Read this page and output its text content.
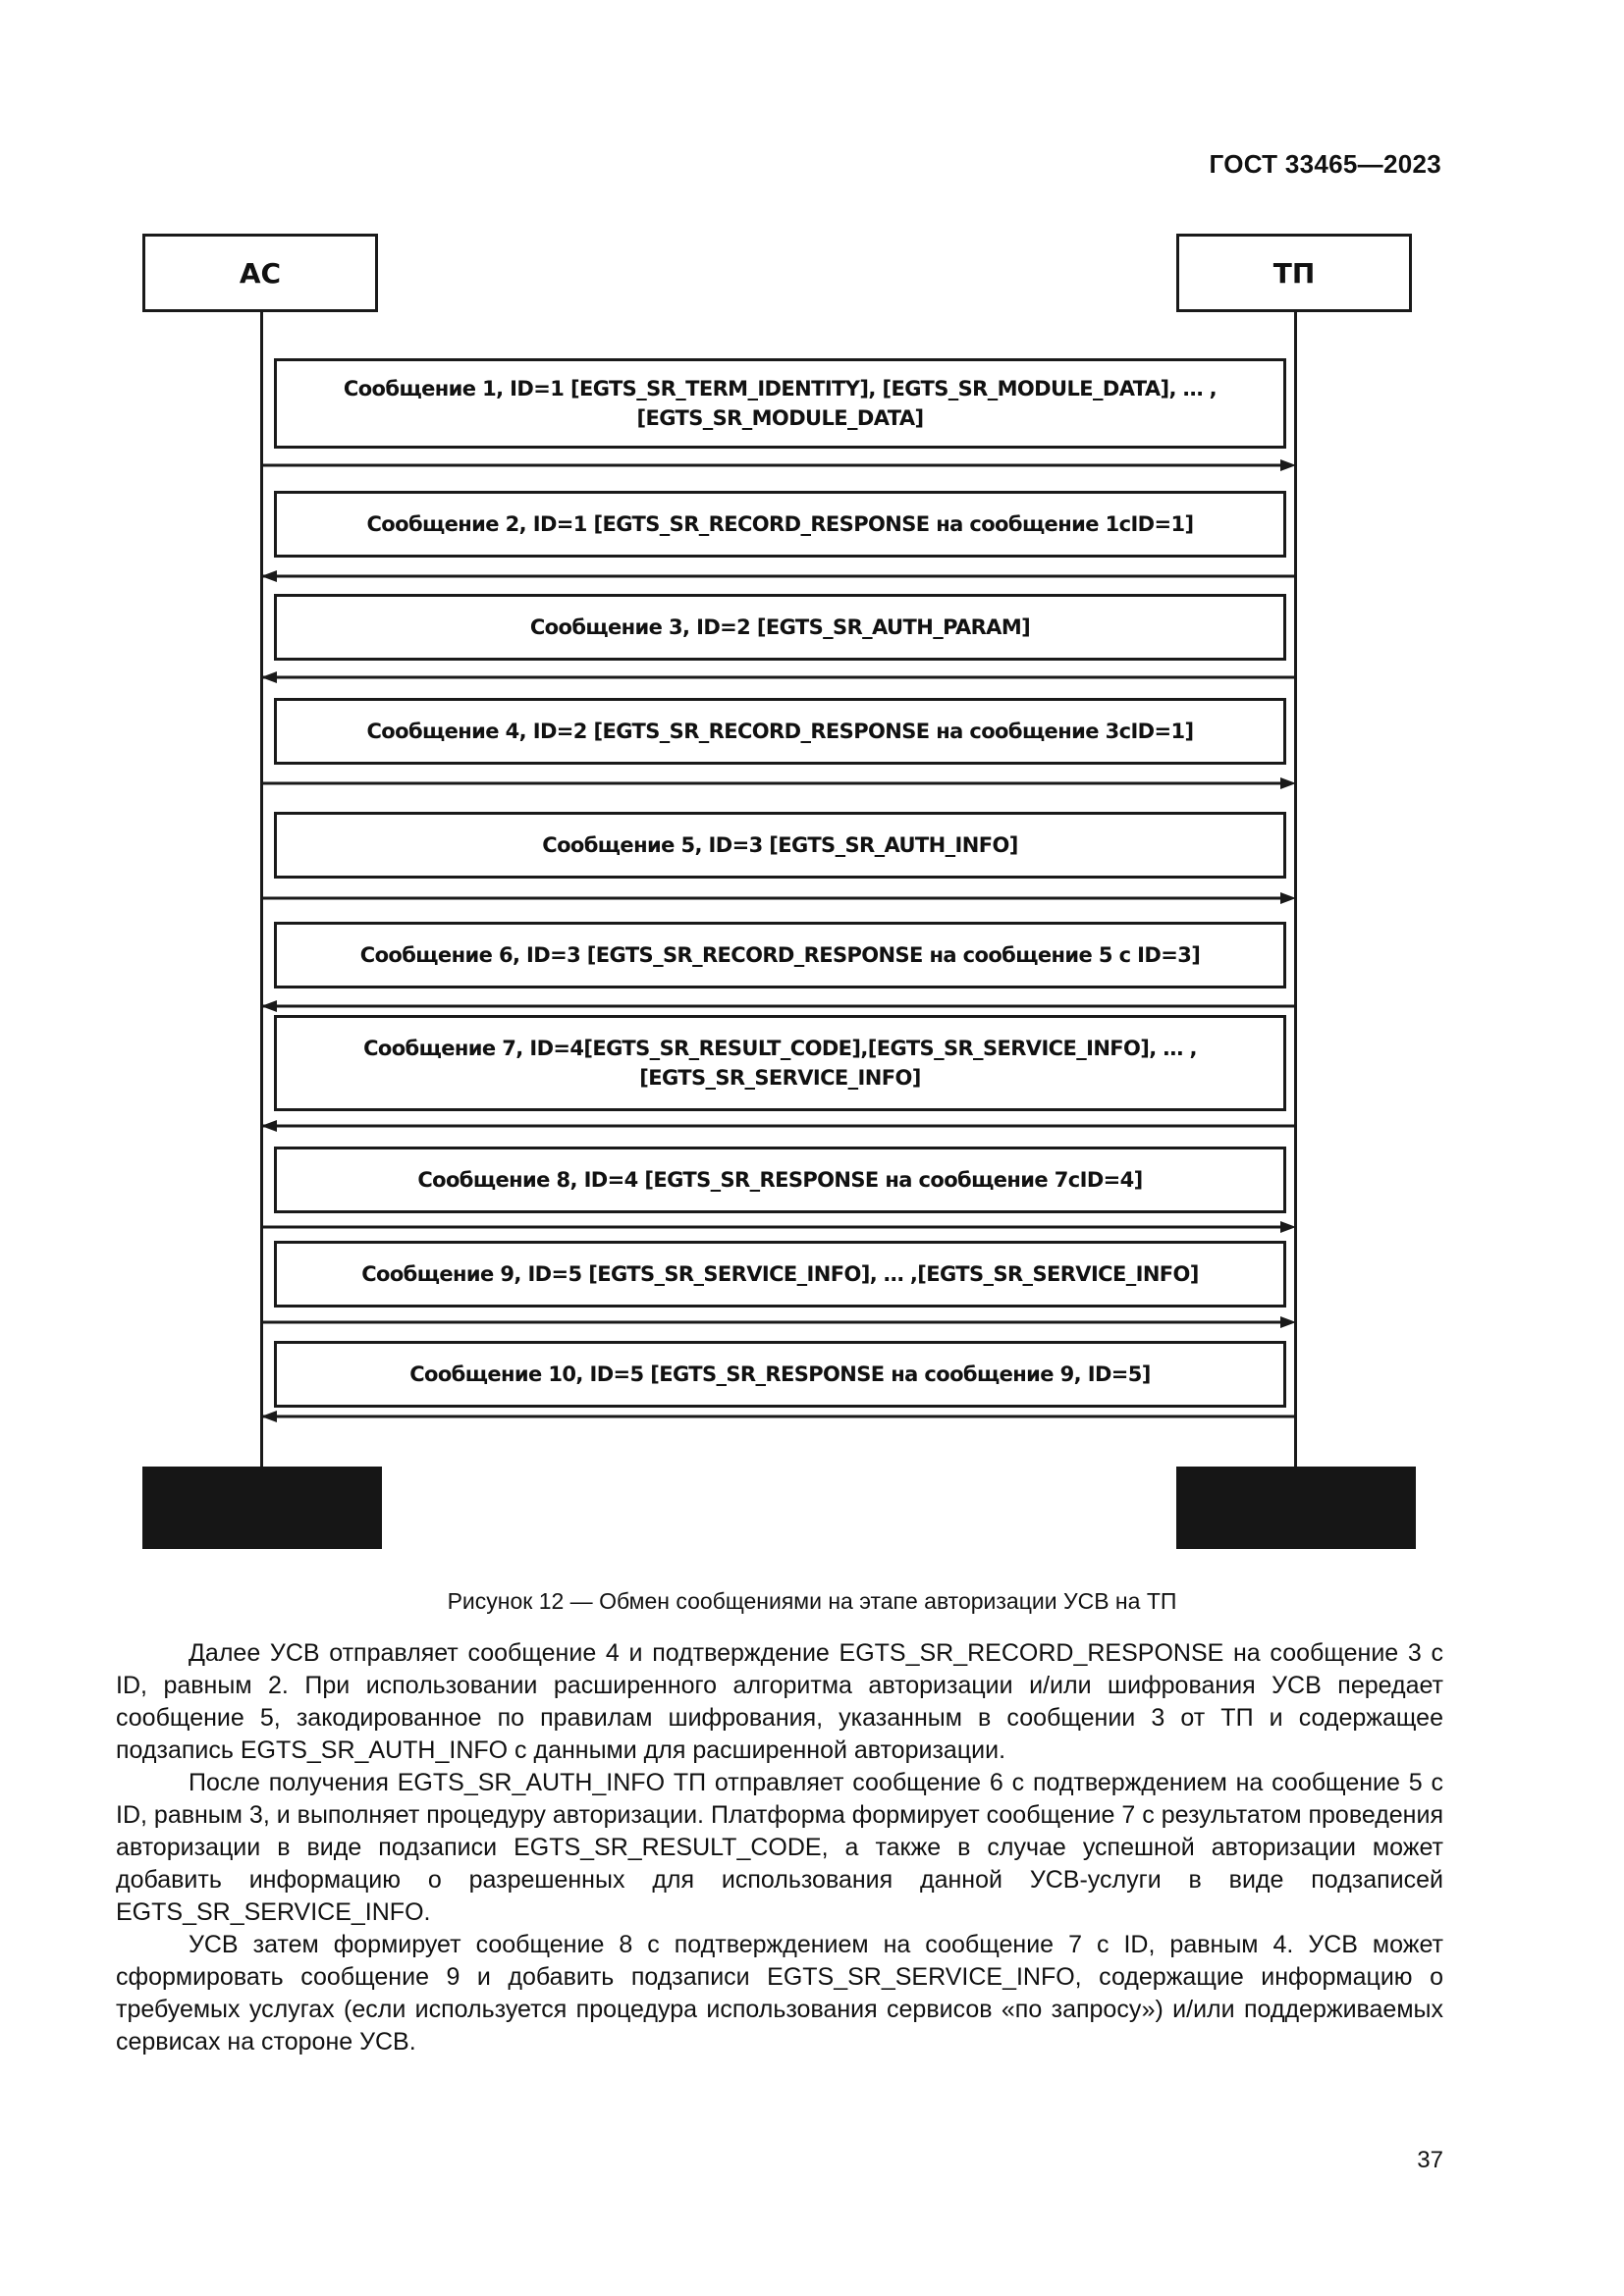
ГОСТ 33465—2023
АС	ТП
Сообщение 1, ID=1 [EGTS_SR_TERM_IDENTITY], [EGTS_SR_MODULE_DATA], … , [EGTS_SR_MODULE_DATA]
Сообщение 2, ID=1 [EGTS_SR_RECORD_RESPONSE на сообщение 1cID=1]
Сообщение 3, ID=2 [EGTS_SR_AUTH_PARAM]
Сообщение 4, ID=2 [EGTS_SR_RECORD_RESPONSE на сообщение 3cID=1]
Сообщение 5, ID=3 [EGTS_SR_AUTH_INFO]
Сообщение 6, ID=3 [EGTS_SR_RECORD_RESPONSE на сообщение 5 с ID=3]
Сообщение 7, ID=4[EGTS_SR_RESULT_CODE],[EGTS_SR_SERVICE_INFO], … , [EGTS_SR_SERVICE_INFO]
Сообщение 8, ID=4 [EGTS_SR_RESPONSE на сообщение 7cID=4]
Сообщение 9, ID=5 [EGTS_SR_SERVICE_INFO], … ,[EGTS_SR_SERVICE_INFO]
Сообщение 10, ID=5 [EGTS_SR_RESPONSE на сообщение 9, ID=5]
Рисунок 12 — Обмен сообщениями на этапе авторизации УСВ на ТП

Далее УСВ отправляет сообщение 4 и подтверждение EGTS_SR_RECORD_RESPONSE на сообщение 3 с ID, равным 2. При использовании расширенного алгоритма авторизации и/или шифрования УСВ передает сообщение 5, закодированное по правилам шифрования, указанным в сообщении 3 от ТП и содержащее подзапись EGTS_SR_AUTH_INFO с данными для расширенной авторизации.

После получения EGTS_SR_AUTH_INFO ТП отправляет сообщение 6 с подтверждением на сообщение 5 с ID, равным 3, и выполняет процедуру авторизации. Платформа формирует сообщение 7 с результатом проведения авторизации в виде подзаписи EGTS_SR_RESULT_CODE, а также в случае успешной авторизации может добавить информацию о разрешенных для использования данной УСВ-услуги в виде подзаписей EGTS_SR_SERVICE_INFO.

УСВ затем формирует сообщение 8 с подтверждением на сообщение 7 с ID, равным 4. УСВ может сформировать сообщение 9 и добавить подзаписи EGTS_SR_SERVICE_INFO, содержащие информацию о требуемых услугах (если используется процедура использования сервисов «по запросу») и/или поддерживаемых сервисах на стороне УСВ.

37
